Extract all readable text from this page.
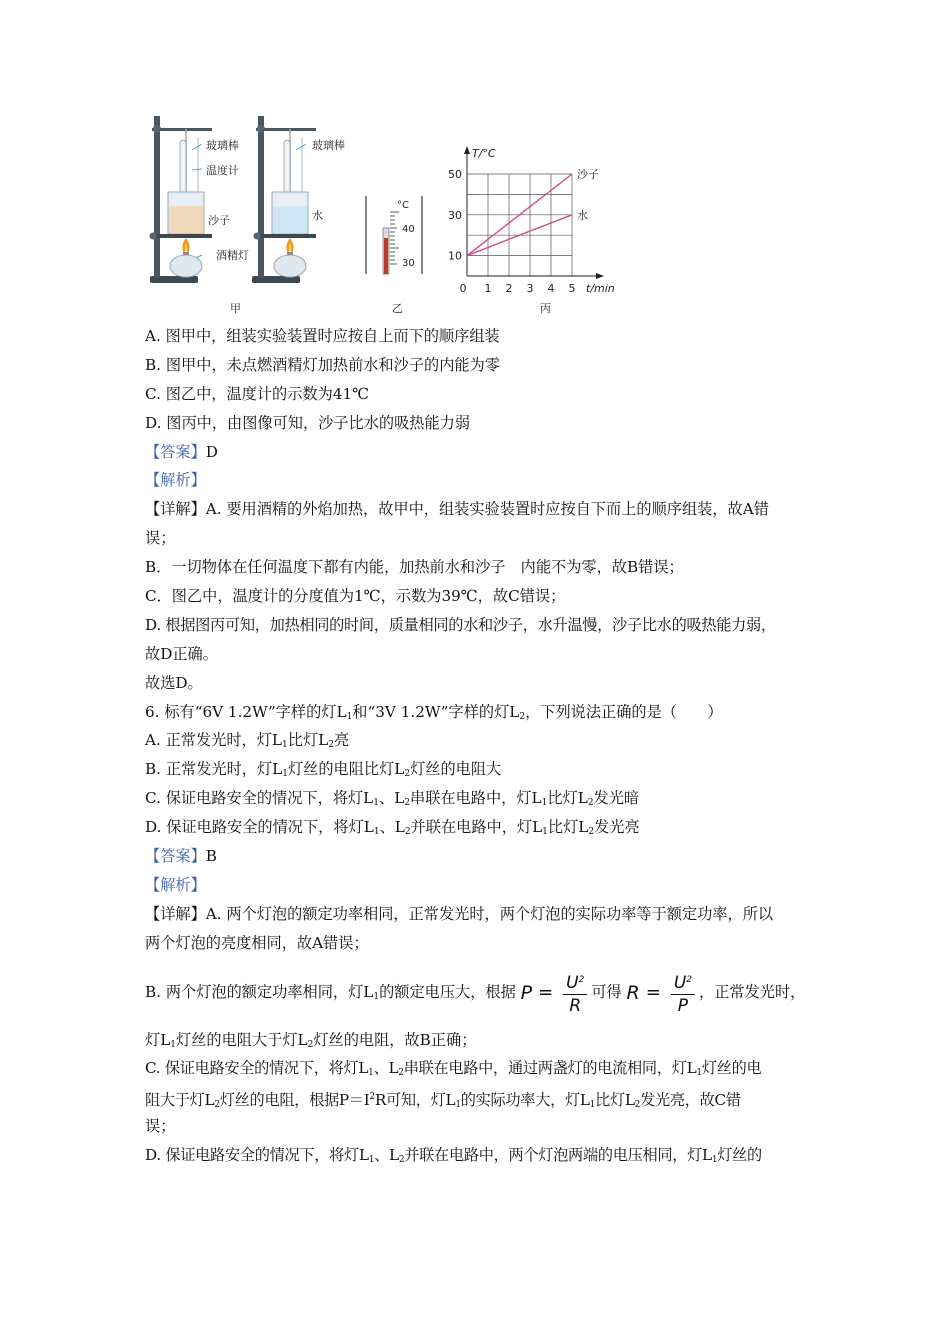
玻璃棒
温度计
沙子
酒精灯
甲
玻璃棒
水
°C
40
30
乙
T/°C
t/min
50
30
10
0 1 2 3 4 5
沙子
水
丙
A. 图甲中，组装实验装置时应按自上而下的顺序组装
B. 图甲中，未点燃酒精灯加热前水和沙子的内能为零
C. 图乙中，温度计的示数为41℃
D. 图丙中，由图像可知，沙子比水的吸热能力弱
【答案】D
【解析】
【详解】A. 要用酒精的外焰加热，故甲中，组装实验装置时应按自下而上的顺序组装，故A错
误；
B．一切物体在任何温度下都有内能，加热前水和沙子　内能不为零，故B错误；
C．图乙中，温度计的分度值为1℃，示数为39℃，故C错误；
D. 根据图丙可知，加热相同的时间，质量相同的水和沙子，水升温慢，沙子比水的吸热能力弱，
故D正确。
故选D。
6. 标有“6V 1.2W”字样的灯$L_1$和“3V 1.2W”字样的灯$L_2$，下列说法正确的是（　　）
A. 正常发光时，灯$L_1$比灯$L_2$亮
B. 正常发光时，灯$L_1$灯丝的电阻比灯$L_2$灯丝的电阻大
C. 保证电路安全的情况下，将灯$L_1$、$L_2$串联在电路中，灯$L_1$比灯$L_2$发光暗
D. 保证电路安全的情况下，将灯$L_1$、$L_2$并联在电路中，灯$L_1$比灯$L_2$发光亮
【答案】B
【解析】
【详解】A. 两个灯泡的额定功率相同，正常发光时，两个灯泡的实际功率等于额定功率，所以
两个灯泡的亮度相同，故A错误；
B. 两个灯泡的额定功率相同，灯$L_1$的额定电压大，根据 $P = \frac{U^2}{R}$ 可得 $R = \frac{U^2}{P}$ ，正常发光时，
灯$L_1$灯丝的电阻大于灯$L_2$灯丝的电阻，故B正确；
C. 保证电路安全的情况下，将灯$L_1$、$L_2$串联在电路中，通过两盏灯的电流相同，灯$L_1$灯丝的电
阻大于灯$L_2$灯丝的电阻，根据$P=I^2R$可知，灯$L_1$的实际功率大，灯$L_1$比灯$L_2$发光亮，故C错
误；
D. 保证电路安全的情况下，将灯$L_1$、$L_2$并联在电路中，两个灯泡两端的电压相同，灯$L_1$灯丝的
